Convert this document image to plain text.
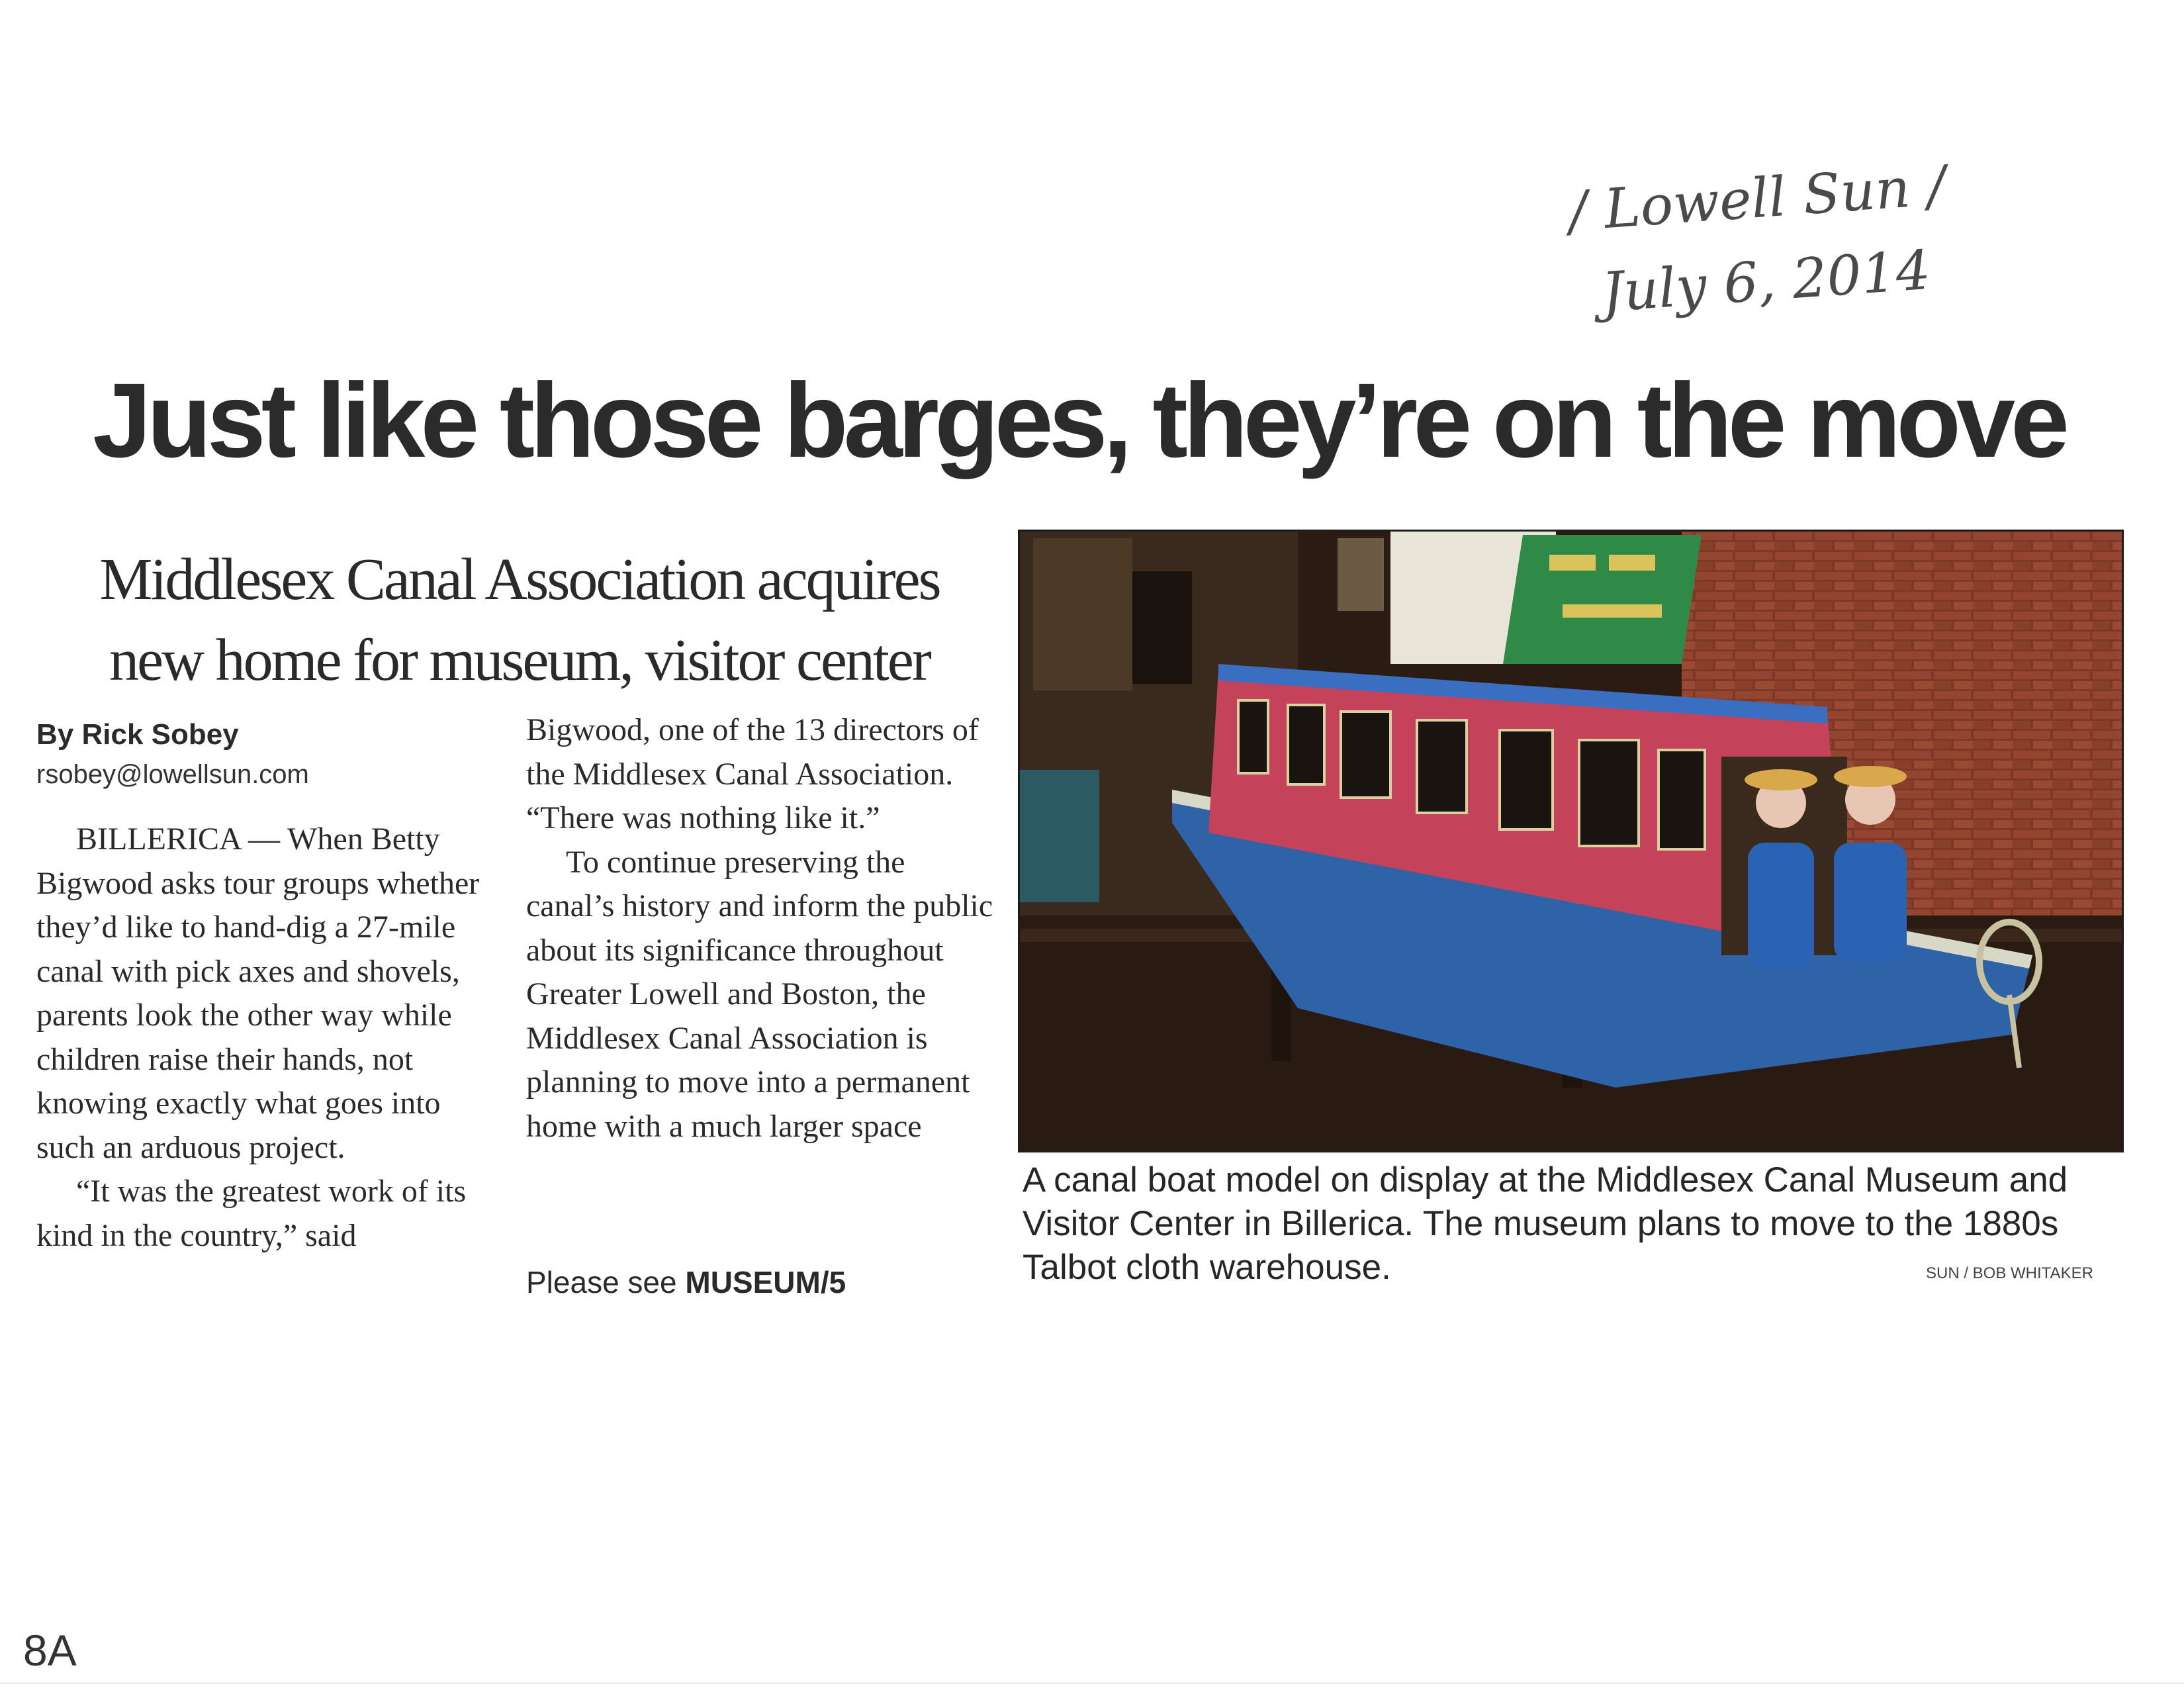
/ Lowell Sun /
July 6, 2014
Just like those barges, they’re on the move
Middlesex Canal Association acquires
new home for museum, visitor center
By Rick Sobey
rsobey@lowellsun.com

BILLERICA — When Betty Bigwood asks tour groups whether they’d like to hand-dig a 27-mile canal with pick axes and shovels, parents look the other way while children raise their hands, not knowing exactly what goes into such an arduous project.

“It was the greatest work of its kind in the country,” said

Bigwood, one of the 13 directors of the Middlesex Canal Association. “There was nothing like it.”

To continue preserving the canal’s history and inform the public about its significance throughout Greater Lowell and Boston, the Middlesex Canal Association is planning to move into a permanent home with a much larger space

Please see MUSEUM/5
A canal boat model on display at the Middlesex Canal Museum and Visitor Center in Billerica. The museum plans to move to the 1880s Talbot cloth warehouse.	SUN / BOB WHITAKER
8A
